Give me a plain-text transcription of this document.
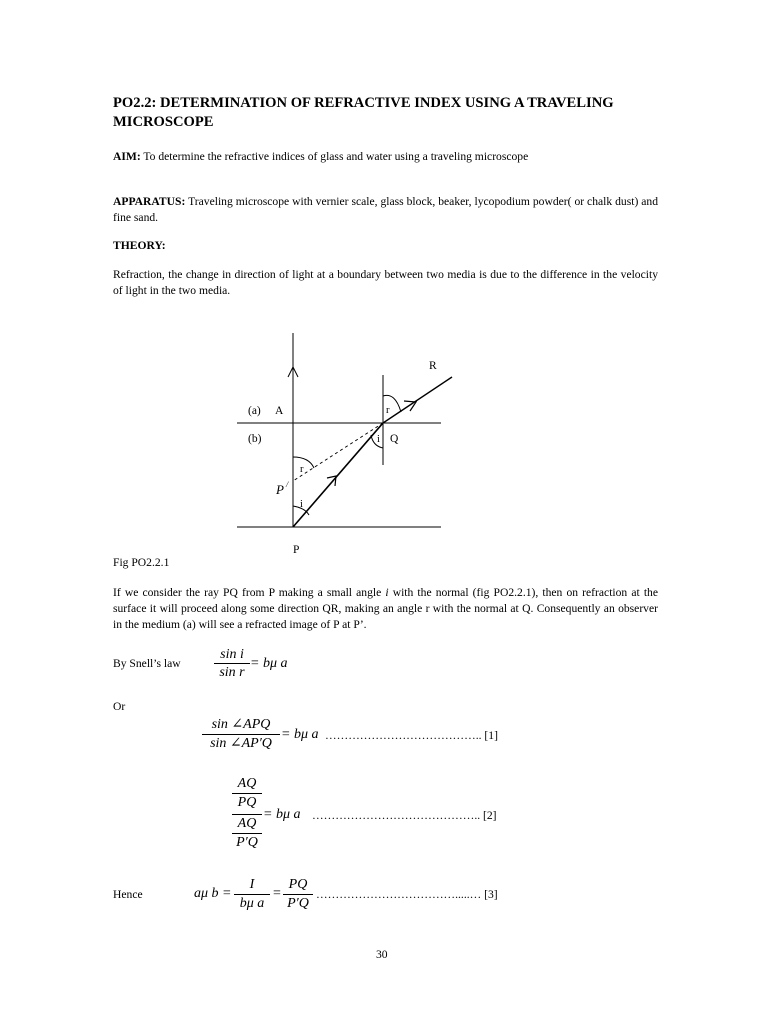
PO2.2: DETERMINATION OF REFRACTIVE INDEX USING A TRAVELING MICROSCOPE
AIM: To determine the refractive indices of glass and water using a traveling microscope
APPARATUS: Traveling microscope with vernier scale, glass block, beaker, lycopodium powder( or chalk dust) and fine sand.
THEORY:
Refraction, the change in direction of light at a boundary between two media is due to the difference in the velocity of light in the two media.
(a) A
(b)
R
r
i Q
r
P /
i
P
Fig PO2.2.1
If we consider the ray PQ from P making a small angle i with the normal (fig PO2.2.1), then on refraction at the surface it will proceed along some direction QR, making an angle r with the normal at Q. Consequently an observer in the medium (a) will see a refracted image of P at P’.
By Snell’s law $\frac{\text{sin i}}{\text{sin r}} = b\mu$ a
Or
sin ∠APQ
sin ∠AP′Q
= bμ a ………………………………….. [1]
AQ
PQ
AQ
P′Q
= bμ a …………………………………….. [2]
Hence	aμ $b = \frac{I}{\text{bμ a}} = \frac{PQ}{P'Q}$ ……………………………….....… [3]
30
